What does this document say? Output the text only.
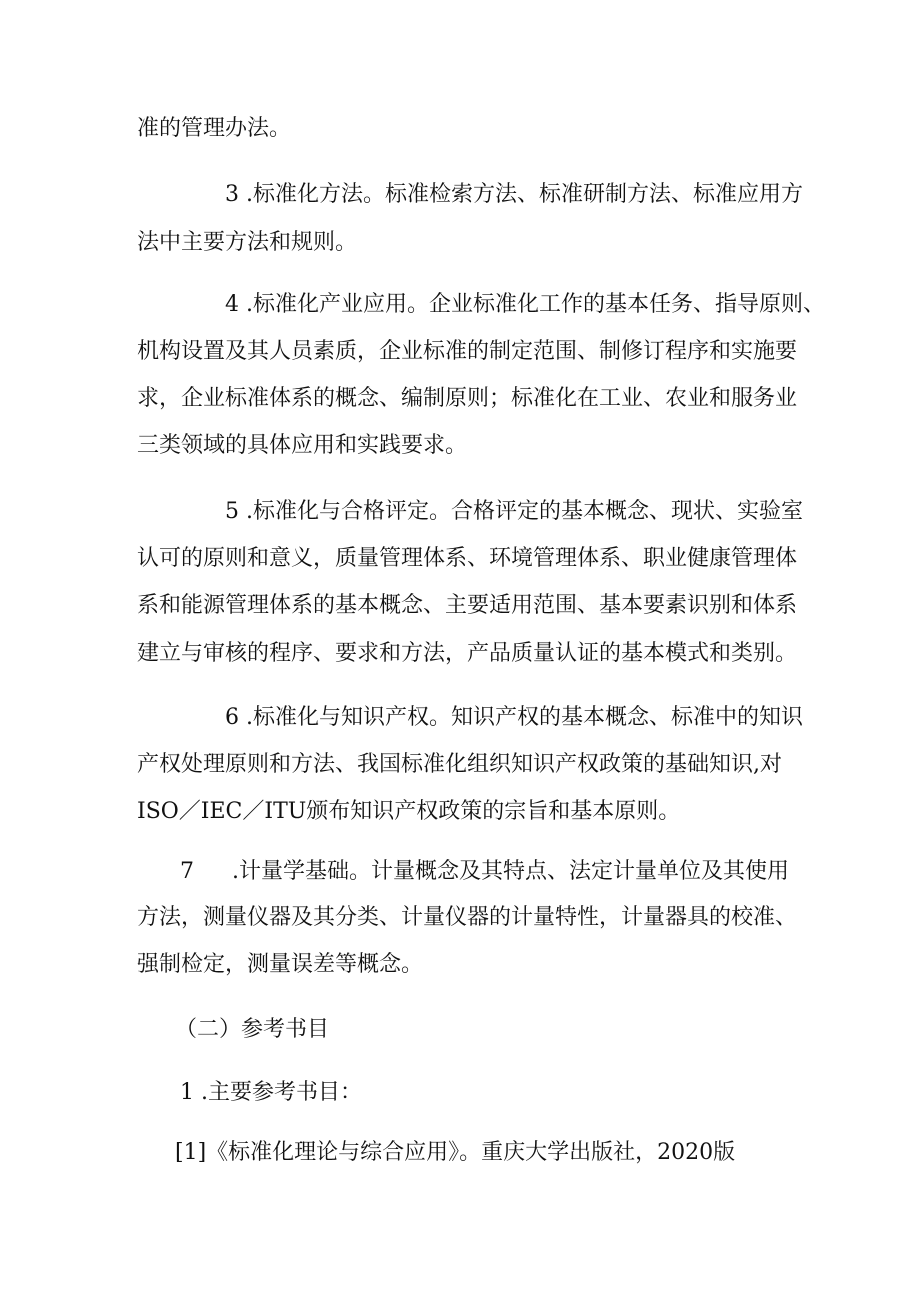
准的管理办法。
3 .标准化方法。标准检索方法、标准研制方法、标准应用方
法中主要方法和规则。
4 .标准化产业应用。企业标准化工作的基本任务、指导原则、
机构设置及其人员素质，企业标准的制定范围、制修订程序和实施要
求，企业标准体系的概念、编制原则；标准化在工业、农业和服务业
三类领域的具体应用和实践要求。
5 .标准化与合格评定。合格评定的基本概念、现状、实验室
认可的原则和意义，质量管理体系、环境管理体系、职业健康管理体
系和能源管理体系的基本概念、主要适用范围、基本要素识别和体系
建立与审核的程序、要求和方法，产品质量认证的基本模式和类别。
6 .标准化与知识产权。知识产权的基本概念、标准中的知识
产权处理原则和方法、我国标准化组织知识产权政策的基础知识,对
ISO／IEC／ITU颁布知识产权政策的宗旨和基本原则。
7 .计量学基础。计量概念及其特点、法定计量单位及其使用
方法，测量仪器及其分类、计量仪器的计量特性，计量器具的校准、
强制检定，测量误差等概念。
（二）参考书目
1 .主要参考书目：
[1]《标准化理论与综合应用》。重庆大学出版社，2020版
